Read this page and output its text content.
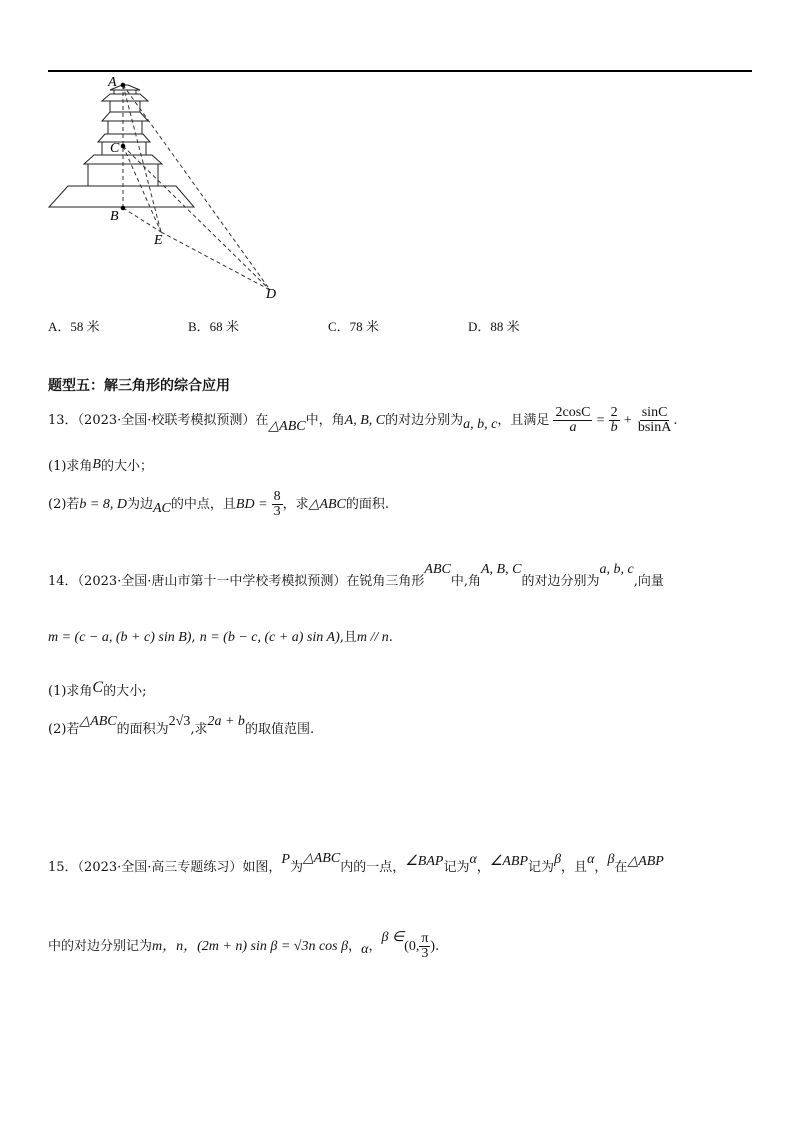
A
C
B
E
D
A．58 米	B．68 米	C．78 米	D．88 米
题型五：解三角形的综合应用
13．（2023·全国·校联考模拟预测）在△ABC中，角A, B, C的对边分别为a, b, c，且满足 $\frac{2\cos C}{a} = \frac{2}{b} + \frac{\sin C}{bsinA}$ .
(1)求角B的大小；
(2)若b = 8, D为边AC的中点，且BD = $\frac{8}{3}$ ，求△ABC的面积.
14．（2023·全国·唐山市第十一中学校考模拟预测）在锐角三角形ABC中,角A, B, C的对边分别为a, b, c,向量
m = (c − a, (b + c) sin B), n = (b − c, (c + a) sin A),且m // n.
(1)求角C的大小;
(2)若△ABC的面积为2√3,求2a + b的取值范围.
15．（2023·全国·高三专题练习）如图，P为△ABC内的一点，∠BAP记为α，∠ABP记为β，且α，β在△ABP
中的对边分别记为m，n，(2m + n) sin β = √3n cos β，α，β ∈(0, $\frac{\pi}{3}$ ).
